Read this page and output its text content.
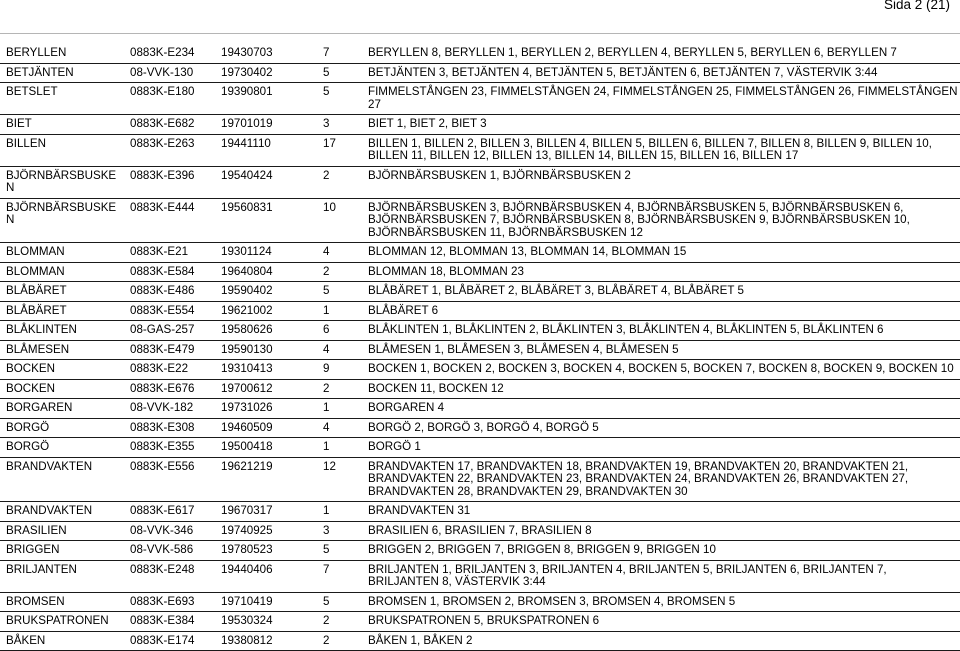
Sida 2 (21)
BERYLLEN	0883K-E234	19430703	7	BERYLLEN 8, BERYLLEN 1, BERYLLEN 2, BERYLLEN 4, BERYLLEN 5, BERYLLEN 6, BERYLLEN 7
BETJÄNTEN	08-VVK-130	19730402	5	BETJÄNTEN 3, BETJÄNTEN 4, BETJÄNTEN 5, BETJÄNTEN 6, BETJÄNTEN 7, VÄSTERVIK 3:44
BETSLET	0883K-E180	19390801	5	FIMMELSTÅNGEN 23, FIMMELSTÅNGEN 24, FIMMELSTÅNGEN 25, FIMMELSTÅNGEN 26, FIMMELSTÅNGEN 27
BIET	0883K-E682	19701019	3	BIET 1, BIET 2, BIET 3
BILLEN	0883K-E263	19441110	17	BILLEN 1, BILLEN 2, BILLEN 3, BILLEN 4, BILLEN 5, BILLEN 6, BILLEN 7, BILLEN 8, BILLEN 9, BILLEN 10, BILLEN 11, BILLEN 12, BILLEN 13, BILLEN 14, BILLEN 15, BILLEN 16, BILLEN 17
BJÖRNBÄRSBUSKEN	0883K-E396	19540424	2	BJÖRNBÄRSBUSKEN 1, BJÖRNBÄRSBUSKEN 2
BJÖRNBÄRSBUSKEN	0883K-E444	19560831	10	BJÖRNBÄRSBUSKEN 3, BJÖRNBÄRSBUSKEN 4, BJÖRNBÄRSBUSKEN 5, BJÖRNBÄRSBUSKEN 6, BJÖRNBÄRSBUSKEN 7, BJÖRNBÄRSBUSKEN 8, BJÖRNBÄRSBUSKEN 9, BJÖRNBÄRSBUSKEN 10, BJÖRNBÄRSBUSKEN 11, BJÖRNBÄRSBUSKEN 12
BLOMMAN	0883K-E21	19301124	4	BLOMMAN 12, BLOMMAN 13, BLOMMAN 14, BLOMMAN 15
BLOMMAN	0883K-E584	19640804	2	BLOMMAN 18, BLOMMAN 23
BLÅBÄRET	0883K-E486	19590402	5	BLÅBÄRET 1, BLÅBÄRET 2, BLÅBÄRET 3, BLÅBÄRET 4, BLÅBÄRET 5
BLÅBÄRET	0883K-E554	19621002	1	BLÅBÄRET 6
BLÅKLINTEN	08-GAS-257	19580626	6	BLÅKLINTEN 1, BLÅKLINTEN 2, BLÅKLINTEN 3, BLÅKLINTEN 4, BLÅKLINTEN 5, BLÅKLINTEN 6
BLÅMESEN	0883K-E479	19590130	4	BLÅMESEN 1, BLÅMESEN 3, BLÅMESEN 4, BLÅMESEN 5
BOCKEN	0883K-E22	19310413	9	BOCKEN 1, BOCKEN 2, BOCKEN 3, BOCKEN 4, BOCKEN 5, BOCKEN 7, BOCKEN 8, BOCKEN 9, BOCKEN 10
BOCKEN	0883K-E676	19700612	2	BOCKEN 11, BOCKEN 12
BORGAREN	08-VVK-182	19731026	1	BORGAREN 4
BORGÖ	0883K-E308	19460509	4	BORGÖ 2, BORGÖ 3, BORGÖ 4, BORGÖ 5
BORGÖ	0883K-E355	19500418	1	BORGÖ 1
BRANDVAKTEN	0883K-E556	19621219	12	BRANDVAKTEN 17, BRANDVAKTEN 18, BRANDVAKTEN 19, BRANDVAKTEN 20, BRANDVAKTEN 21, BRANDVAKTEN 22, BRANDVAKTEN 23, BRANDVAKTEN 24, BRANDVAKTEN 26, BRANDVAKTEN 27, BRANDVAKTEN 28, BRANDVAKTEN 29, BRANDVAKTEN 30
BRANDVAKTEN	0883K-E617	19670317	1	BRANDVAKTEN 31
BRASILIEN	08-VVK-346	19740925	3	BRASILIEN 6, BRASILIEN 7, BRASILIEN 8
BRIGGEN	08-VVK-586	19780523	5	BRIGGEN 2, BRIGGEN 7, BRIGGEN 8, BRIGGEN 9, BRIGGEN 10
BRILJANTEN	0883K-E248	19440406	7	BRILJANTEN 1, BRILJANTEN 3, BRILJANTEN 4, BRILJANTEN 5, BRILJANTEN 6, BRILJANTEN 7, BRILJANTEN 8, VÄSTERVIK 3:44
BROMSEN	0883K-E693	19710419	5	BROMSEN 1, BROMSEN 2, BROMSEN 3, BROMSEN 4, BROMSEN 5
BRUKSPATRONEN	0883K-E384	19530324	2	BRUKSPATRONEN 5, BRUKSPATRONEN 6
BÅKEN	0883K-E174	19380812	2	BÅKEN 1, BÅKEN 2
